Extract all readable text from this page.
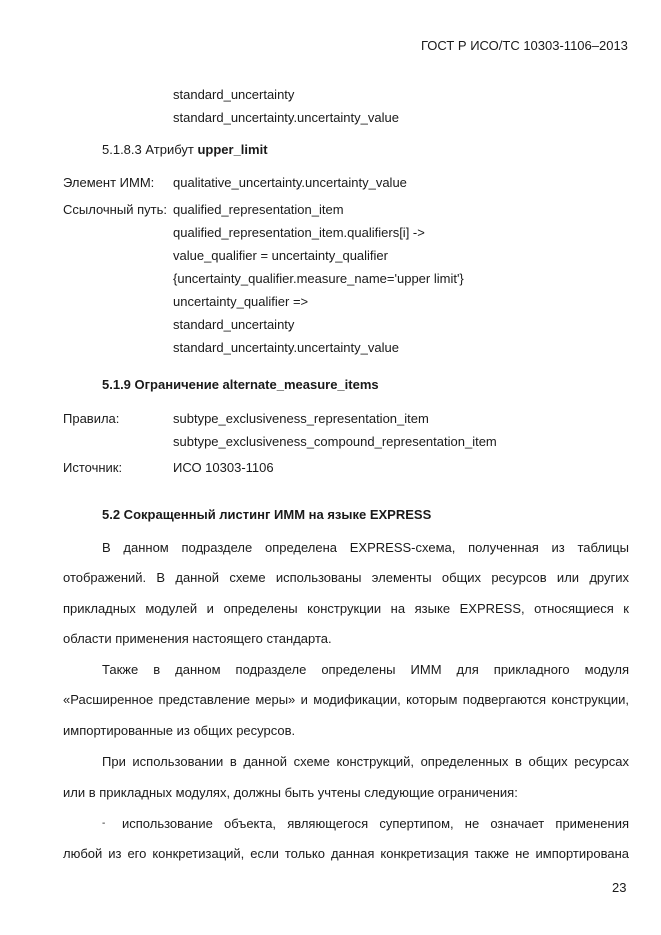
ГОСТ Р ИСО/ТС 10303-1106–2013
standard_uncertainty
standard_uncertainty.uncertainty_value
5.1.8.3 Атрибут upper_limit
Элемент ИММ: qualitative_uncertainty.uncertainty_value
Ссылочный путь: qualified_representation_item
qualified_representation_item.qualifiers[i] ->
value_qualifier = uncertainty_qualifier
{uncertainty_qualifier.measure_name='upper limit'}
uncertainty_qualifier =>
standard_uncertainty
standard_uncertainty.uncertainty_value
5.1.9 Ограничение alternate_measure_items
Правила:	subtype_exclusiveness_representation_item
subtype_exclusiveness_compound_representation_item
Источник:	ИСО 10303-1106
5.2 Сокращенный листинг ИММ на языке EXPRESS
В данном подразделе определена EXPRESS-схема, полученная из таблицы
отображений. В данной схеме использованы элементы общих ресурсов или других
прикладных модулей и определены конструкции на языке EXPRESS, относящиеся к
области применения настоящего стандарта.
Также в данном подразделе определены ИММ для прикладного модуля
«Расширенное представление меры» и модификации, которым подвергаются конструкции,
импортированные из общих ресурсов.
При использовании в данной схеме конструкций, определенных в общих ресурсах
или в прикладных модулях, должны быть учтены следующие ограничения:
- использование объекта, являющегося супертипом, не означает применения
любой из его конкретизаций, если только данная конкретизация также не импортирована
23
